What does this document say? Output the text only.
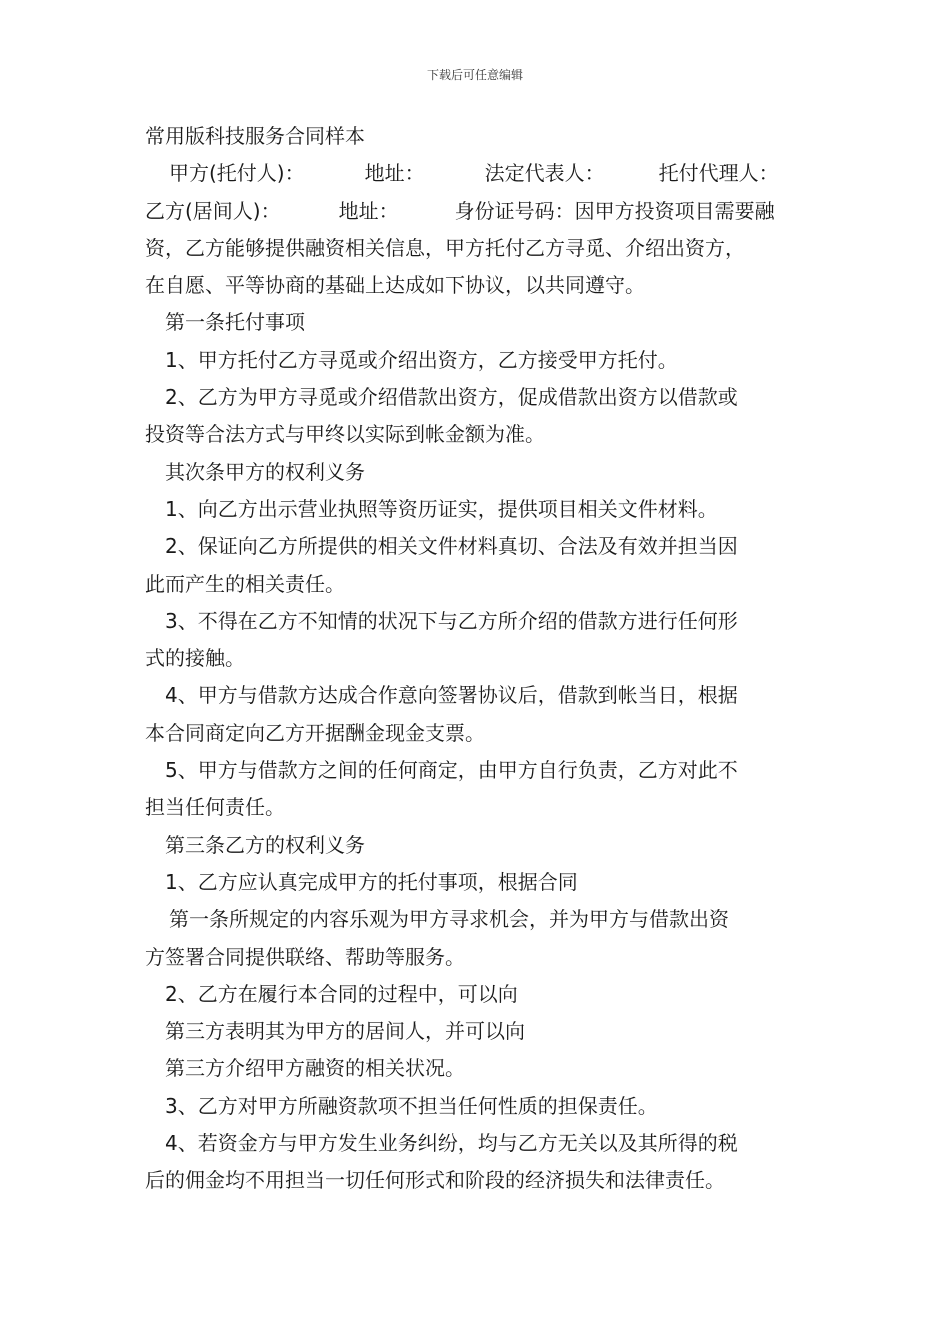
下载后可任意编辑

常用版科技服务合同样本

甲方(托付人)：	地址：	法定代表人：	托付代理人：

乙方(居间人)：	地址：	身份证号码：因甲方投资项目需要融

资，乙方能够提供融资相关信息，甲方托付乙方寻觅、介绍出资方，

在自愿、平等协商的基础上达成如下协议，以共同遵守。

第一条托付事项

1、甲方托付乙方寻觅或介绍出资方，乙方接受甲方托付。

2、乙方为甲方寻觅或介绍借款出资方，促成借款出资方以借款或

投资等合法方式与甲终以实际到帐金额为准。

其次条甲方的权利义务

1、向乙方出示营业执照等资历证实，提供项目相关文件材料。

2、保证向乙方所提供的相关文件材料真切、合法及有效并担当因

此而产生的相关责任。

3、不得在乙方不知情的状况下与乙方所介绍的借款方进行任何形

式的接触。

4、甲方与借款方达成合作意向签署协议后，借款到帐当日，根据

本合同商定向乙方开据酬金现金支票。

5、甲方与借款方之间的任何商定，由甲方自行负责，乙方对此不

担当任何责任。

第三条乙方的权利义务

1、乙方应认真完成甲方的托付事项，根据合同

第一条所规定的内容乐观为甲方寻求机会，并为甲方与借款出资

方签署合同提供联络、帮助等服务。

2、乙方在履行本合同的过程中，可以向

第三方表明其为甲方的居间人，并可以向

第三方介绍甲方融资的相关状况。

3、乙方对甲方所融资款项不担当任何性质的担保责任。

4、若资金方与甲方发生业务纠纷，均与乙方无关以及其所得的税

后的佣金均不用担当一切任何形式和阶段的经济损失和法律责任。
